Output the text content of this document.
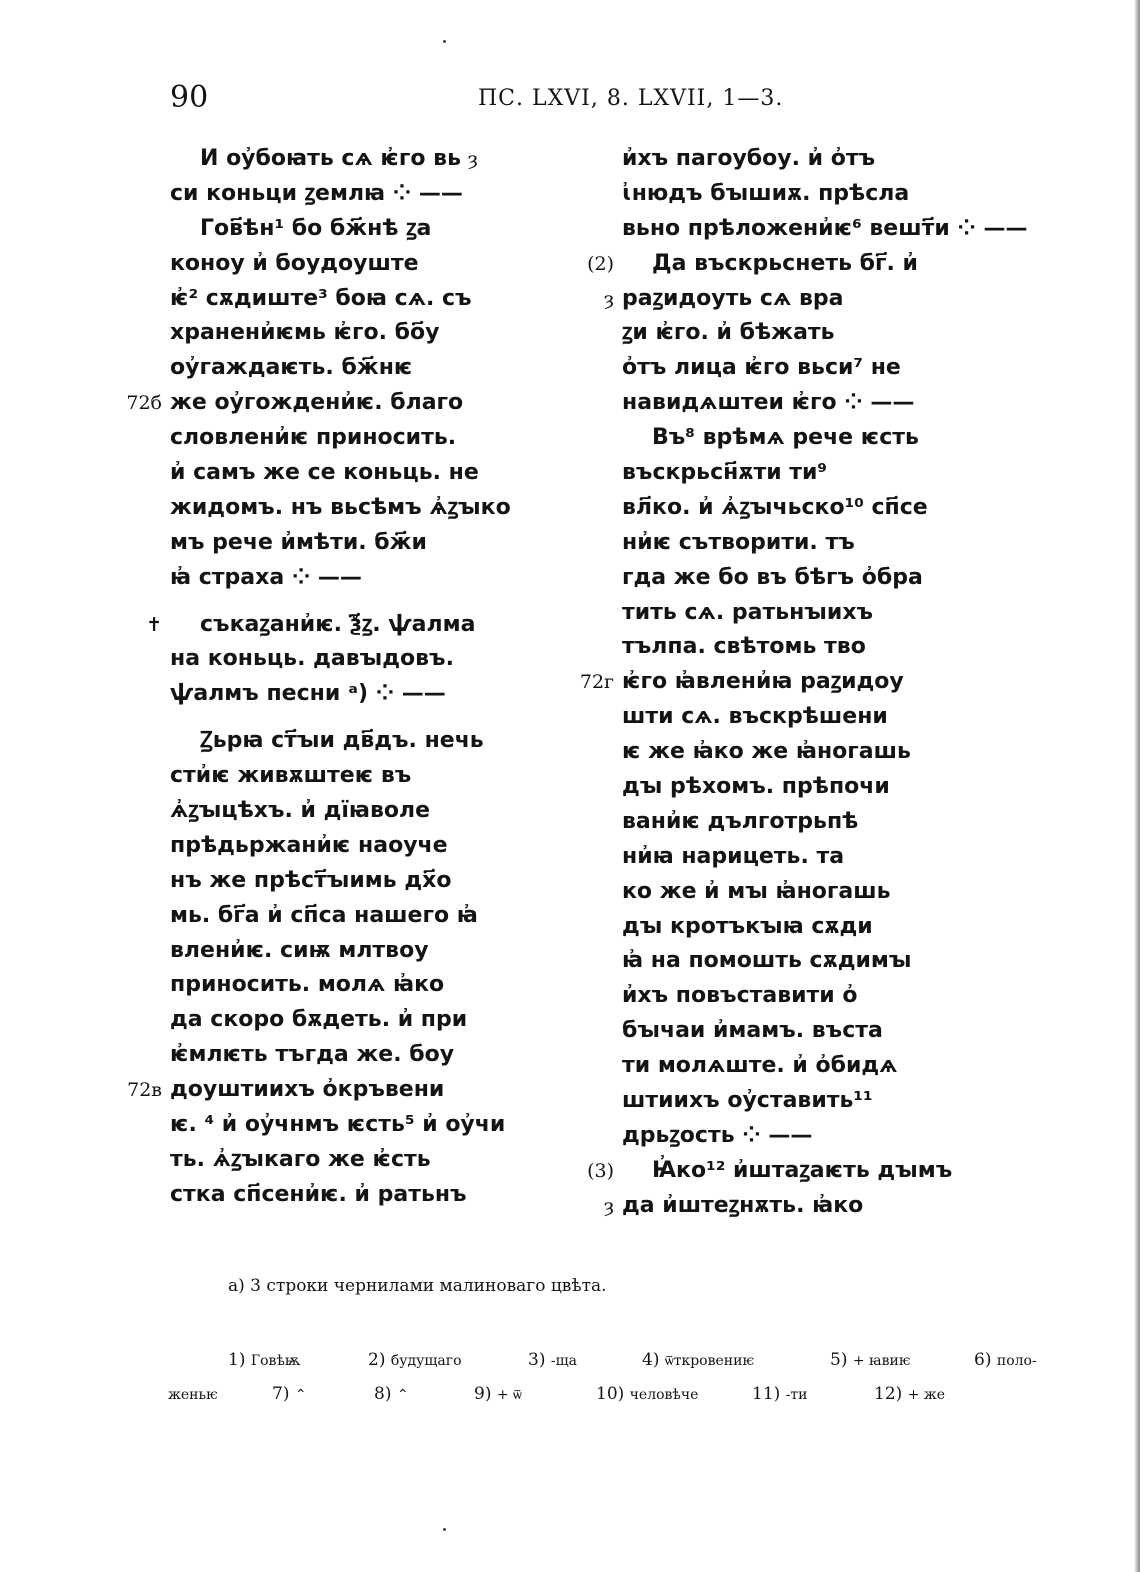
90	ПС. LXVI, 8. LXVII, 1—3.
И оу҆боꙗть сѧ ѥ҆го вь ȝ
си коньци ꙁемлꙗ ⁘ ——
Гов҃ѣн¹ бо бж҃нѣ ꙁа
коноу и҆ боудоуште
ѥ҆² сѫдиште³ боꙗ сѧ. съ
хранени҆ѥмь ѥ҆го. бо҃у
оу҆гаждаѥть. бж҃нѥ
же оу҆гождени҆ѥ. благо
72б
словлени҆ѥ приносить.
и҆ самъ же се коньць. не
жидомъ. нъ вьсѣмъ ѧ҆ꙁꙑко
мъ рече и҆мѣти. бж҃и
ꙗ҆ страха ⁘ ——
съкаꙁани҆ѥ. ѯ҃ꙁ. ѱалма
✝
на коньць. давꙑдовъ.
ѱалмъ песни ᵃ) ⁘ ——
Ꙁьрꙗ ст҃ꙑи дв҃дъ. нечь
сти҆ѥ живѫштеѥ въ
ѧ҆ꙁꙑцѣхъ. и҆ дїꙗволе
прѣдьржани҆ѥ наоуче
нъ же прѣст҃ꙑимь дх҃о
мь. бг҃а и҆ сп҃са нашего ꙗ҆
влени҆ѥ. сиѭ млтвоу
приносить. молѧ ꙗ҆ко
да скоро бѫдеть. и҆ при
ѥ҆млѥть тъгда же. боу
доуштиихъ о҆кръвени
72в
ѥ. ⁴ и҆ оу҆чнмъ ѥсть⁵ и҆ оу҆чи
ть. ѧ҆ꙁꙑкаго же ѥ҆сть
стка сп҃сени҆ѥ. и҆ ратьнъ
и҆хъ пагоубоу. и҆ о҆тъ
ꙇ҆нюдъ бꙑшиѫ. прѣсла
вьно прѣложени҆ѥ⁶ вешт҃и ⁘ ——
Да въскрьснеть бг҃. и҆
(2)
раꙁидоуть сѧ вра
ȝ
ꙁи ѥ҆го. и҆ бѣжать
о҆тъ лица ѥ҆го вьси⁷ не
навидѧштеи ѥ҆го ⁘ ——
Въ⁸ врѣмѧ рече ѥсть
въскрьсн҃ѫти ти⁹
вл҃ко. и҆ ѧ҆ꙁꙑчьско¹⁰ сп҃се
ни҆ѥ сътворити. тъ
гда же бо въ бѣгъ о҆бра
тить сѧ. ратьнꙑихъ
тълпа. свѣтомь тво
ѥ҆го ꙗ҆влени҆ꙗ раꙁидоу
72г
шти сѧ. въскрѣшени
ѥ же ꙗ҆ко же ꙗ҆ногашь
дꙑ рѣхомъ. прѣпочи
вани҆ѥ дълготрьпѣ
ни҆ꙗ нарицеть. та
ко же и҆ мꙑ ꙗ҆ногашь
дꙑ кротъкꙑꙗ сѫди
ꙗ҆ на помошть сѫдимꙑ
и҆хъ повъставити о҆
бꙑчаи и҆мамъ. въста
ти молѧште. и҆ о҆бидѧ
штиихъ оу҆ставить¹¹
дрьꙁость ⁘ ——
Ꙗ҆ко¹² и҆штаꙁаѥть дꙑмъ
(3)
да и҆штеꙁнѫть. ꙗ҆ко
ȝ
a) 3 строки чернилами малиноваго цвѣта.
1) Говѣѭ	2) будущаго	3) -ща	4) ѿткровениѥ	5) + ꙗвиѥ	6) поло-
женьѥ	7) ⌃	8) ⌃	9) + ѿ	10) человѣче	11) -ти	12) + же
